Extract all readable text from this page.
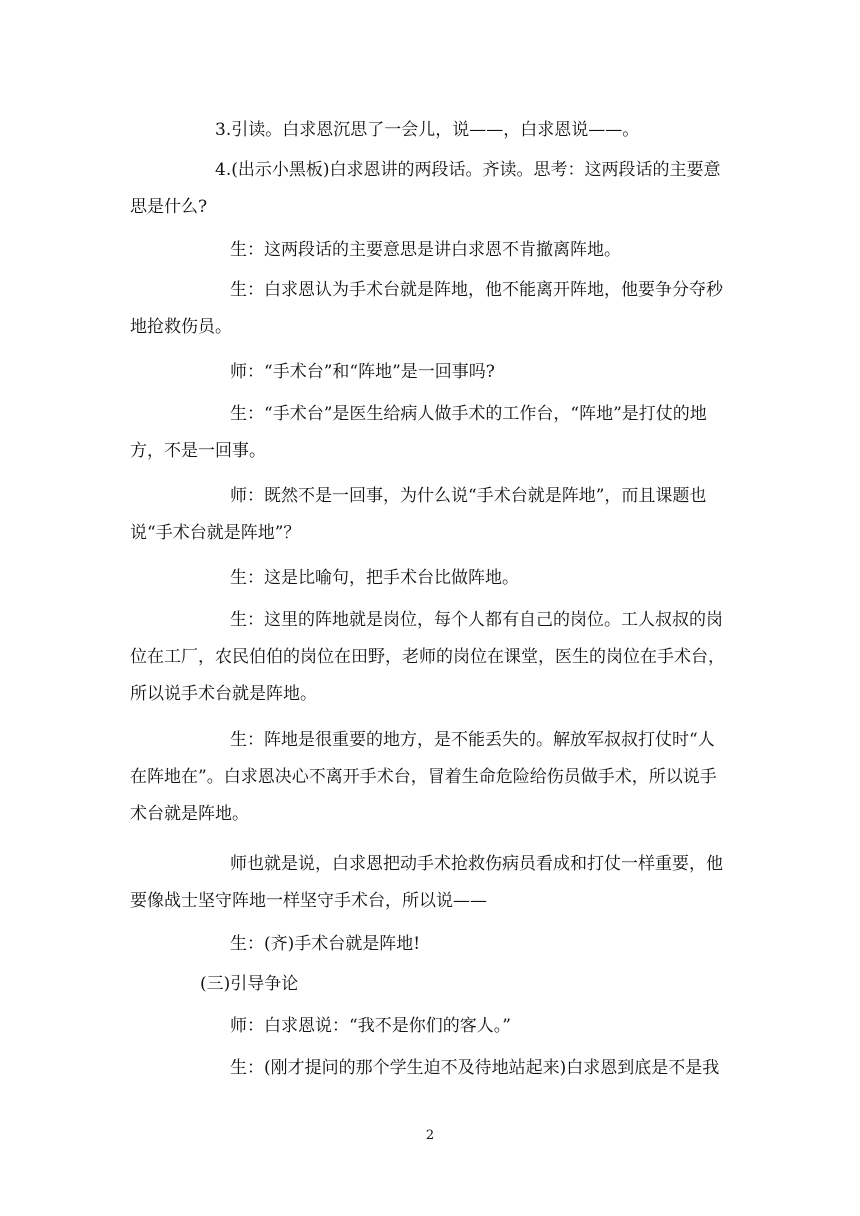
3.引读。白求恩沉思了一会儿，说——，白求恩说——。

4.(出示小黑板)白求恩讲的两段话。齐读。思考：这两段话的主要意
思是什么?

生：这两段话的主要意思是讲白求恩不肯撤离阵地。

生：白求恩认为手术台就是阵地，他不能离开阵地，他要争分夺秒
地抢救伤员。

师：“手术台”和“阵地”是一回事吗?

生：“手术台”是医生给病人做手术的工作台，“阵地”是打仗的地
方，不是一回事。

师：既然不是一回事，为什么说“手术台就是阵地”，而且课题也
说“手术台就是阵地”？

生：这是比喻句，把手术台比做阵地。

生：这里的阵地就是岗位，每个人都有自己的岗位。工人叔叔的岗
位在工厂，农民伯伯的岗位在田野，老师的岗位在课堂，医生的岗位在手术台，
所以说手术台就是阵地。

生：阵地是很重要的地方，是不能丢失的。解放军叔叔打仗时“人
在阵地在”。白求恩决心不离开手术台，冒着生命危险给伤员做手术，所以说手
术台就是阵地。

师也就是说，白求恩把动手术抢救伤病员看成和打仗一样重要，他
要像战士坚守阵地一样坚守手术台，所以说——

生：(齐)手术台就是阵地!

(三)引导争论

师：白求恩说：“我不是你们的客人。”

生：(刚才提问的那个学生迫不及待地站起来)白求恩到底是不是我

2
